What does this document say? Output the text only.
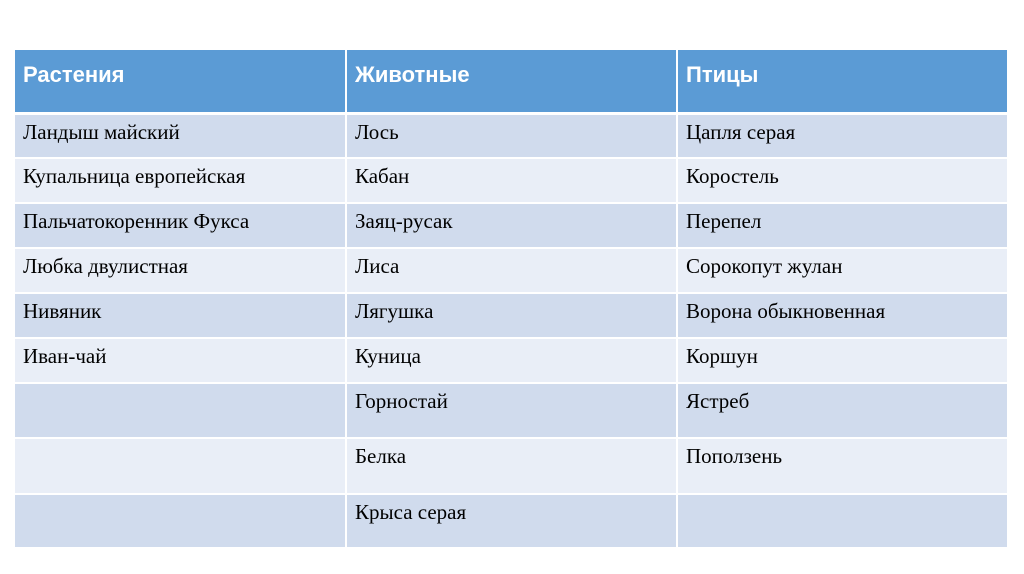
Растения	Животные	Птицы
Ландыш майский	Лось	Цапля серая
Купальница европейская	Кабан	Коростель
Пальчатокоренник Фукса	Заяц-русак	Перепел
Любка двулистная	Лиса	Сорокопут жулан
Нивяник	Лягушка	Ворона обыкновенная
Иван-чай	Куница	Коршун
	Горностай	Ястреб
	Белка	Поползень
	Крыса серая	
